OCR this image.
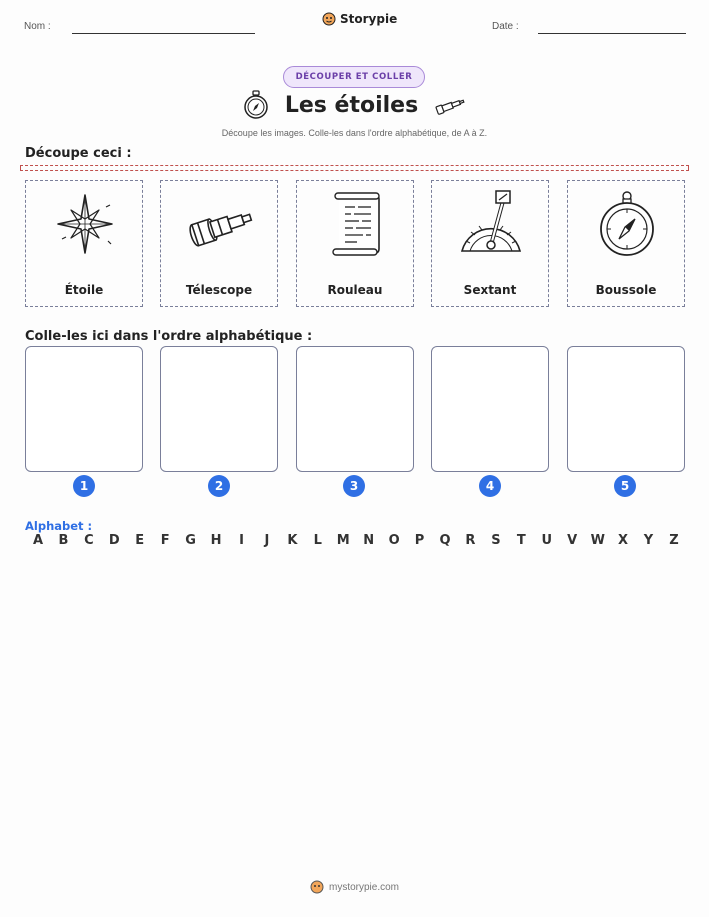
Nom :
Storypie
Date :
DÉCOUPER ET COLLER
Les étoiles
Découpe les images. Colle-les dans l'ordre alphabétique, de A à Z.
Découpe ceci :
Étoile	Télescope	Rouleau	Sextant	Boussole
Colle-les ici dans l'ordre alphabétique :
1	2	3	4	5
Alphabet :
A B C D E F G H	I	J	K L M N O P Q R S T U V W X Y Z
mystorypie.com
